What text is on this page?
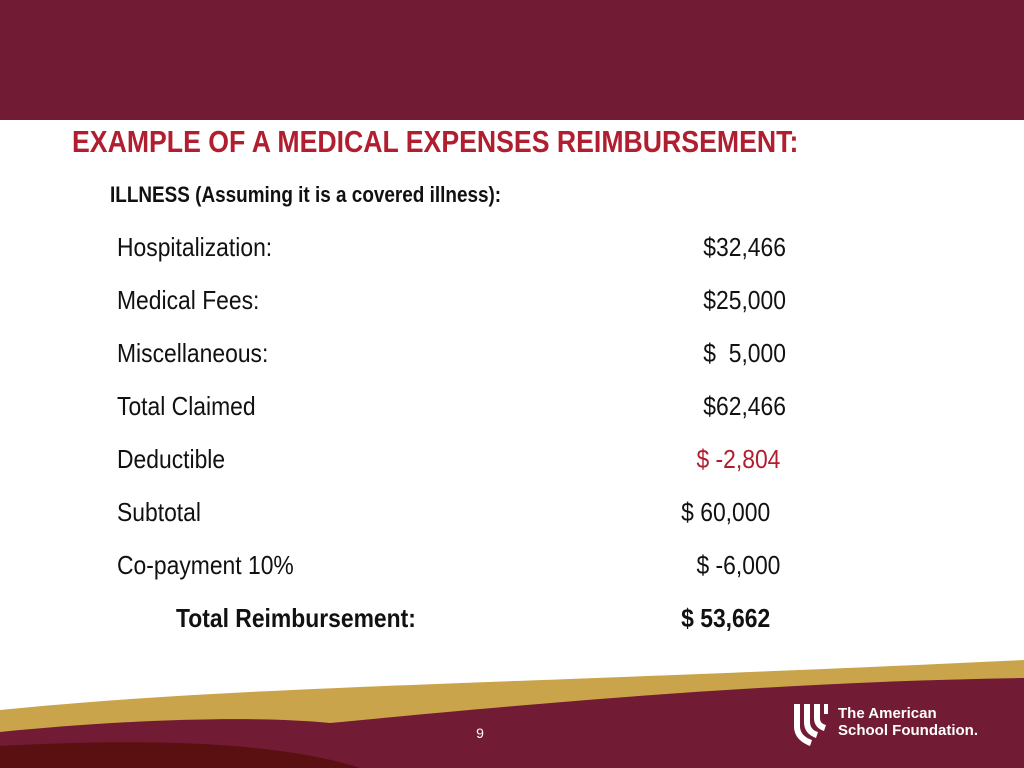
EXAMPLE OF A MEDICAL EXPENSES REIMBURSEMENT:
ILLNESS (Assuming it is a covered illness):
Hospitalization:	$32,466
Medical Fees:	$25,000
Miscellaneous:	$  5,000
Total Claimed	$62,466
Deductible	$ -2,804
Subtotal	$ 60,000
Co-payment 10%	$ -6,000
Total Reimbursement:	$ 53,662
9
The American
School Foundation.
